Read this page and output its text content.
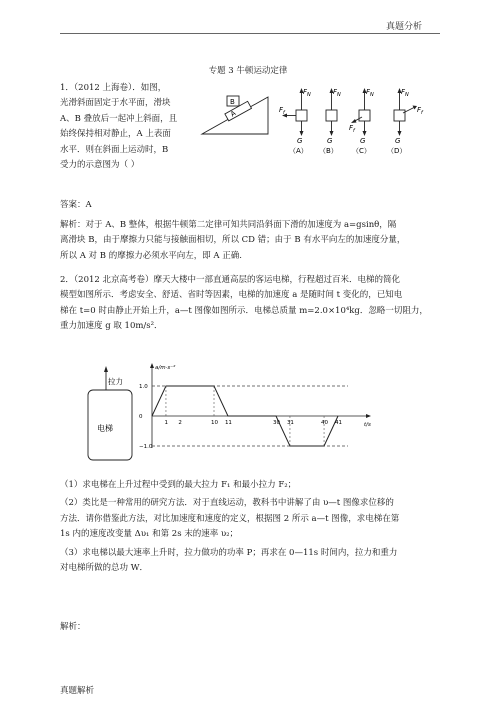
真题分析
专题 3 牛顿运动定律
1．（2012 上海卷）．如图，
光滑斜面固定于水平面，滑块
A、B 叠放后一起冲上斜面，且
始终保持相对静止，A 上表面
水平．则在斜面上运动时，B
受力的示意图为（ ）
A
B
$F_N$
$F_f$
G
（A）
$F_N$
G
（B）
$F_N$
$F_f$
G
（C）
$F_N$
$F_f$
G
（D）
答案：A
解析：对于 A、B 整体，根据牛顿第二定律可知共同沿斜面下滑的加速度为 a=gsinθ，隔
离滑块 B，由于摩擦力只能与接触面相切，所以 CD 错；由于 B 有水平向左的加速度分量，
所以 A 对 B 的摩擦力必须水平向左，即 A 正确.
2．（2012 北京高考卷）摩天大楼中一部直通高层的客运电梯，行程超过百米．电梯的简化
模型如图所示．考虑安全、舒适、省时等因素，电梯的加速度 a 是随时间 t 变化的，已知电
梯在 t=0 时由静止开始上升，a—t 图像如图所示．电梯总质量 m=2.0×10⁴kg．忽略一切阻力，
重力加速度 g 取 10m/s²．
拉力
电梯
a/m·s⁻²
t/s
1.0
0
−1.0
1 2	10 11	30 31	40 41
（1）求电梯在上升过程中受到的最大拉力 F₁ 和最小拉力 F₂；
（2）类比是一种常用的研究方法．对于直线运动，教科书中讲解了由 υ—t 图像求位移的
方法．请你借鉴此方法，对比加速度和速度的定义，根据图 2 所示 a—t 图像，求电梯在第
1s 内的速度改变量 Δυ₁ 和第 2s 末的速率 υ₂；
（3）求电梯以最大速率上升时，拉力做功的功率 P；再求在 0—11s 时间内，拉力和重力
对电梯所做的总功 W．
解析：
真题解析
